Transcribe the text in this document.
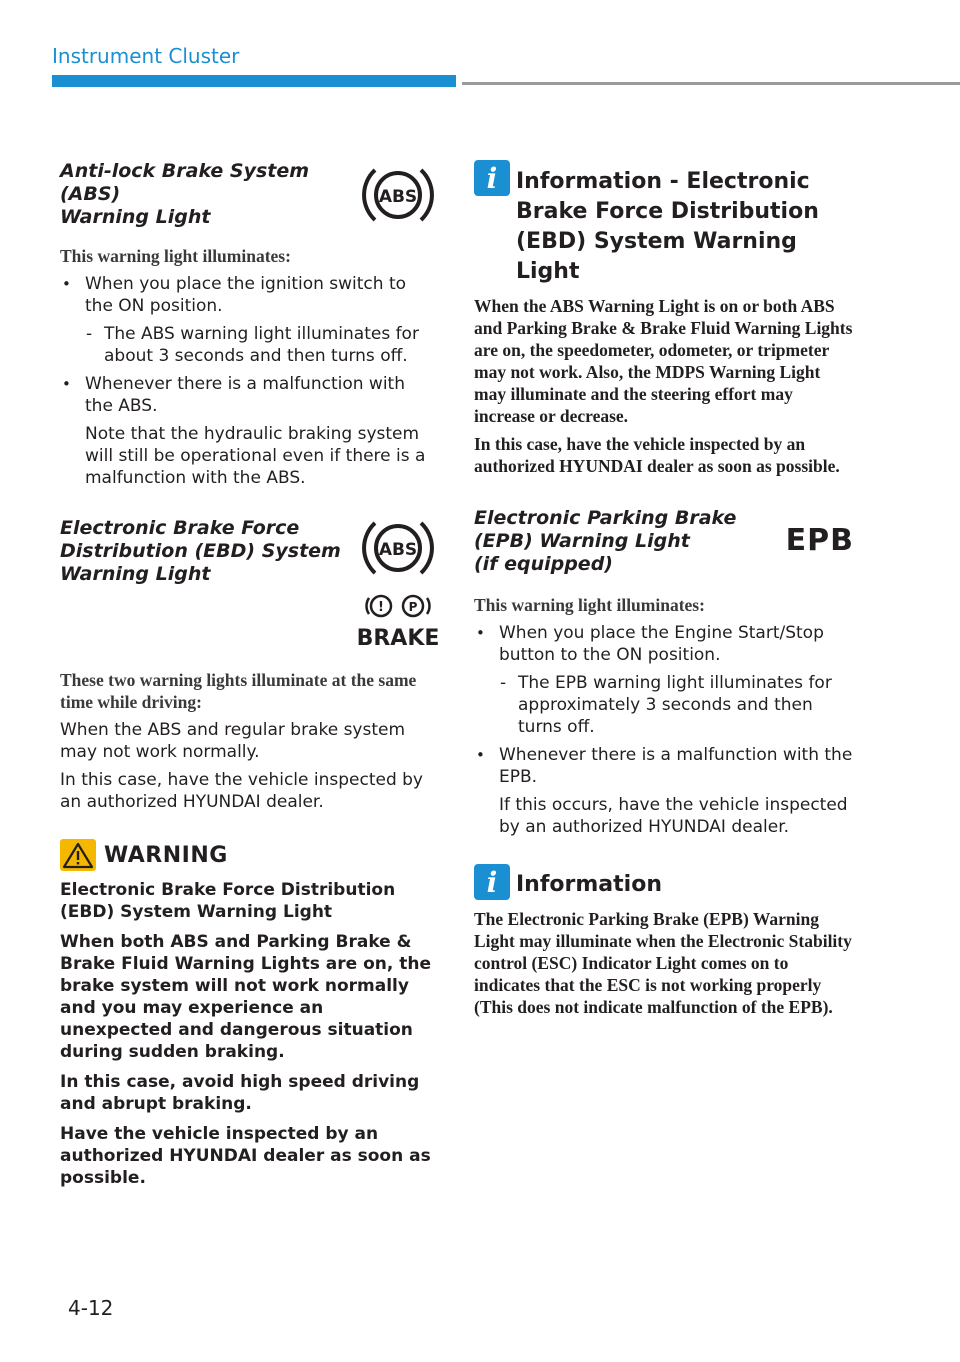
Instrument Cluster
Anti-lock Brake System (ABS)
Warning Light
ABS
This warning light illuminates:
• When you place the ignition switch to the ON position.
- The ABS warning light illuminates for about 3 seconds and then turns off.
• Whenever there is a malfunction with the ABS.
Note that the hydraulic braking system will still be operational even if there is a malfunction with the ABS.
Electronic Brake Force
Distribution (EBD) System
Warning Light
ABS
! P
BRAKE
These two warning lights illuminate at the same time while driving:
When the ABS and regular brake system may not work normally.
In this case, have the vehicle inspected by an authorized HYUNDAI dealer.
WARNING
Electronic Brake Force Distribution (EBD) System Warning Light
When both ABS and Parking Brake & Brake Fluid Warning Lights are on, the brake system will not work normally and you may experience an unexpected and dangerous situation during sudden braking.
In this case, avoid high speed driving and abrupt braking.
Have the vehicle inspected by an authorized HYUNDAI dealer as soon as possible.
i Information - Electronic Brake Force Distribution (EBD) System Warning Light
When the ABS Warning Light is on or both ABS and Parking Brake & Brake Fluid Warning Lights are on, the speedometer, odometer, or tripmeter may not work. Also, the MDPS Warning Light may illuminate and the steering effort may increase or decrease.
In this case, have the vehicle inspected by an authorized HYUNDAI dealer as soon as possible.
Electronic Parking Brake
(EPB) Warning Light
(if equipped)
EPB
This warning light illuminates:
• When you place the Engine Start/Stop button to the ON position.
- The EPB warning light illuminates for approximately 3 seconds and then turns off.
• Whenever there is a malfunction with the EPB.
If this occurs, have the vehicle inspected by an authorized HYUNDAI dealer.
i Information
The Electronic Parking Brake (EPB) Warning Light may illuminate when the Electronic Stability control (ESC) Indicator Light comes on to indicates that the ESC is not working properly (This does not indicate malfunction of the EPB).
4-12
